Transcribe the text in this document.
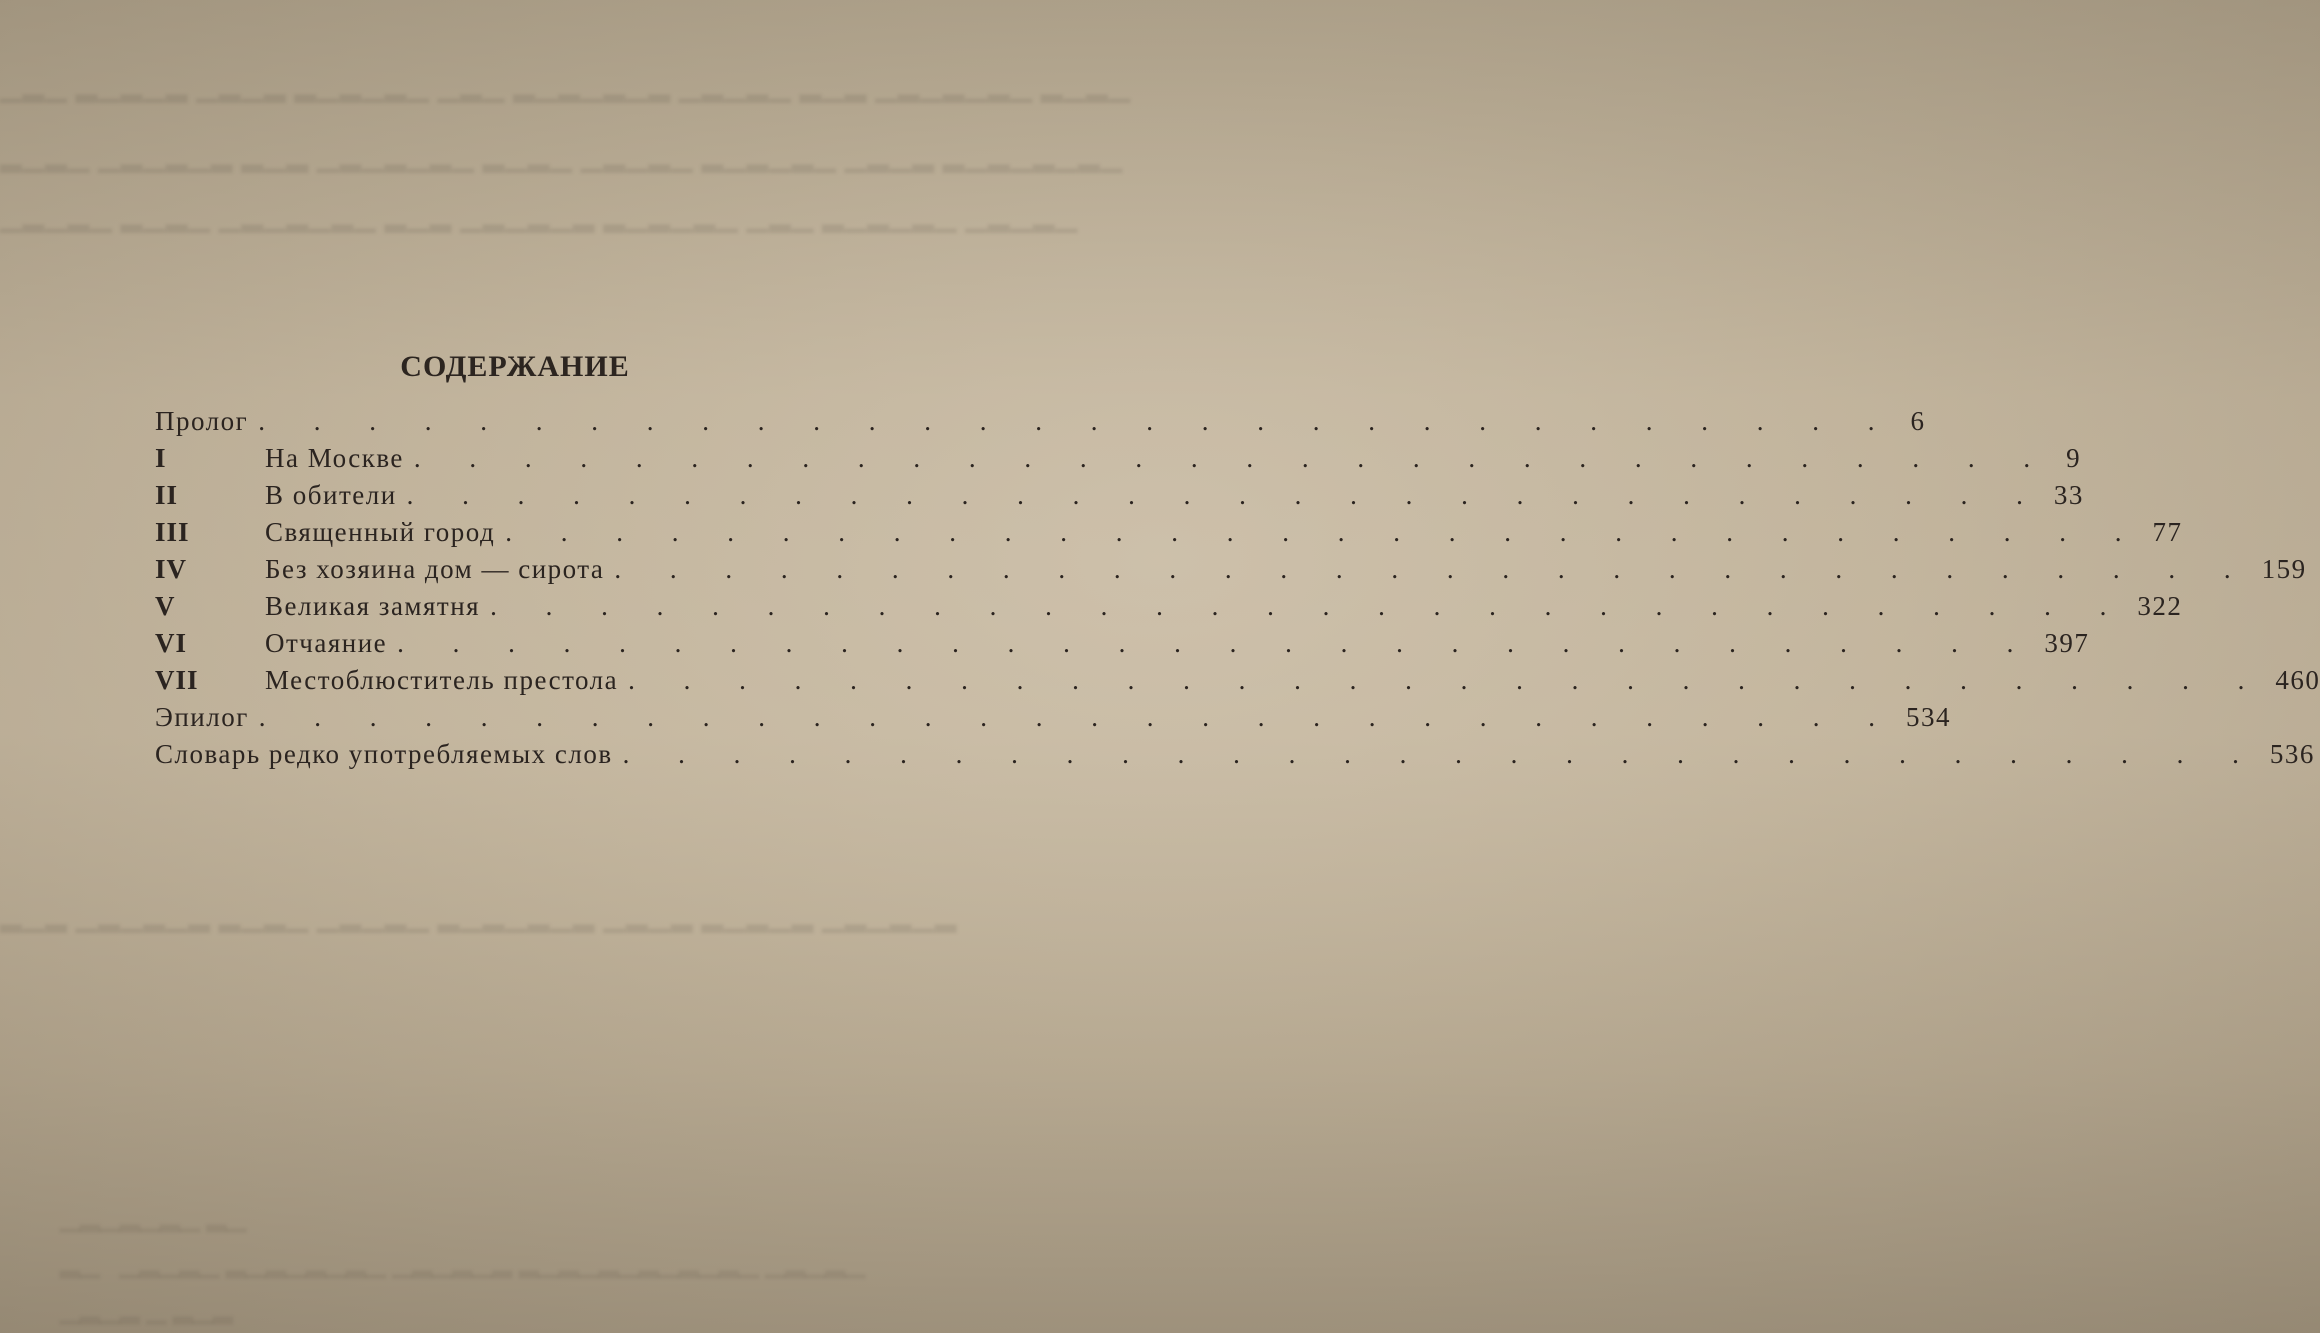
▁▂▁ ▂▁▂▁▂ ▁▂▁▂ ▂▁▂▁▂▁ ▁▂▁ ▂▁▂▁▂▁▂ ▁▂▁▂▁ ▂▁▂ ▁▂▁▂▁▂▁ ▂▁▂▁
▂▁▂▁ ▁▂▁▂▁▂ ▂▁▂ ▁▂▁▂▁▂▁ ▂▁▂▁ ▁▂▁▂▁ ▂▁▂▁▂▁ ▁▂▁▂ ▂▁▂▁▂▁▂▁
▁▂▁▂▁ ▂▁▂▁ ▁▂▁▂▁▂▁ ▂▁▂ ▁▂▁▂▁▂ ▂▁▂▁▂▁ ▁▂▁ ▂▁▂▁▂▁ ▁▂▁▂▁
▂▁▂ ▁▂▁▂▁▂ ▂▁▂▁ ▁▂▁▂▁ ▂▁▂▁▂▁▂ ▁▂▁▂ ▂▁▂▁▂ ▁▂▁▂▁▂
СОДЕРЖАНИЕ
Пролог . . . . . . . . . . . . . . . . . . . . . . . . . . . . . . 6
I	На Москве . . . . . . . . . . . . . . . . . . . . . . . . . . . . . . 9
II	В обители . . . . . . . . . . . . . . . . . . . . . . . . . . . . . . 33
III	Священный город . . . . . . . . . . . . . . . . . . . . . . . . . . . . . . 77
IV	Без хозяина дом — сирота . . . . . . . . . . . . . . . . . . . . . . . . . . . . . . 159
V	Великая замятня . . . . . . . . . . . . . . . . . . . . . . . . . . . . . . 322
VI	Отчаяние . . . . . . . . . . . . . . . . . . . . . . . . . . . . . . 397
VII	Местоблюститель престола . . . . . . . . . . . . . . . . . . . . . . . . . . . . . . 460
Эпилог . . . . . . . . . . . . . . . . . . . . . . . . . . . . . . 534
Словарь редко употребляемых слов . . . . . . . . . . . . . . . . . . . . . . . . . . . . . . 536
▁▂▁▂▁▂▁ ▂▁
▂▁   ▁▂▁▂▁ ▂▁▂▁▂▁▂▁ ▁▂▁▂▁▂ ▂▁▂▁▂▁▂▁▂▁▂▁ ▁▂▁▂▁
▁▂▁▂ ▁ ▂▁▂
